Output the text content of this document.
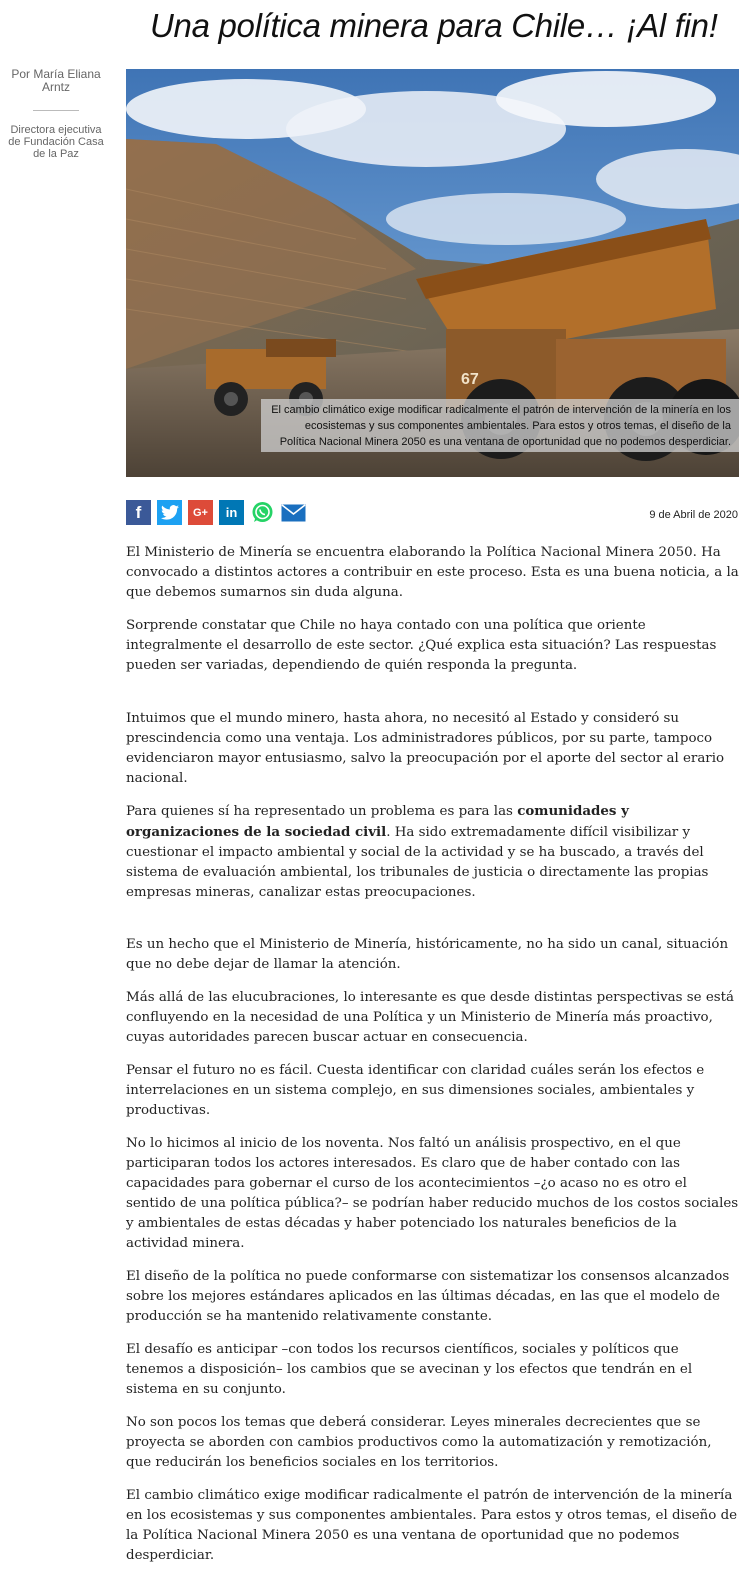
Una política minera para Chile… ¡Al fin!
Por María Eliana Arntz
Directora ejecutiva de Fundación Casa de la Paz
67
El cambio climático exige modificar radicalmente el patrón de intervención de la minería en los ecosistemas y sus componentes ambientales. Para estos y otros temas, el diseño de la Política Nacional Minera 2050 es una ventana de oportunidad que no podemos desperdiciar.
f	G+ in	9 de Abril de 2020

El Ministerio de Minería se encuentra elaborando la Política Nacional Minera 2050. Ha convocado a distintos actores a contribuir en este proceso. Esta es una buena noticia, a la que debemos sumarnos sin duda alguna.

Sorprende constatar que Chile no haya contado con una política que oriente integralmente el desarrollo de este sector. ¿Qué explica esta situación? Las respuestas pueden ser variadas, dependiendo de quién responda la pregunta.

Intuimos que el mundo minero, hasta ahora, no necesitó al Estado y consideró su prescindencia como una ventaja. Los administradores públicos, por su parte, tampoco evidenciaron mayor entusiasmo, salvo la preocupación por el aporte del sector al erario nacional.

Para quienes sí ha representado un problema es para las comunidades y organizaciones de la sociedad civil. Ha sido extremadamente difícil visibilizar y cuestionar el impacto ambiental y social de la actividad y se ha buscado, a través del sistema de evaluación ambiental, los tribunales de justicia o directamente las propias empresas mineras, canalizar estas preocupaciones.

Es un hecho que el Ministerio de Minería, históricamente, no ha sido un canal, situación que no debe dejar de llamar la atención.

Más allá de las elucubraciones, lo interesante es que desde distintas perspectivas se está confluyendo en la necesidad de una Política y un Ministerio de Minería más proactivo, cuyas autoridades parecen buscar actuar en consecuencia.

Pensar el futuro no es fácil. Cuesta identificar con claridad cuáles serán los efectos e interrelaciones en un sistema complejo, en sus dimensiones sociales, ambientales y productivas.

No lo hicimos al inicio de los noventa. Nos faltó un análisis prospectivo, en el que participaran todos los actores interesados. Es claro que de haber contado con las capacidades para gobernar el curso de los acontecimientos –¿o acaso no es otro el sentido de una política pública?– se podrían haber reducido muchos de los costos sociales y ambientales de estas décadas y haber potenciado los naturales beneficios de la actividad minera.

El diseño de la política no puede conformarse con sistematizar los consensos alcanzados sobre los mejores estándares aplicados en las últimas décadas, en las que el modelo de producción se ha mantenido relativamente constante.

El desafío es anticipar –con todos los recursos científicos, sociales y políticos que tenemos a disposición– los cambios que se avecinan y los efectos que tendrán en el sistema en su conjunto.

No son pocos los temas que deberá considerar. Leyes minerales decrecientes que se proyecta se aborden con cambios productivos como la automatización y remotización, que reducirán los beneficios sociales en los territorios.

El cambio climático exige modificar radicalmente el patrón de intervención de la minería en los ecosistemas y sus componentes ambientales. Para estos y otros temas, el diseño de la Política Nacional Minera 2050 es una ventana de oportunidad que no podemos desperdiciar.
